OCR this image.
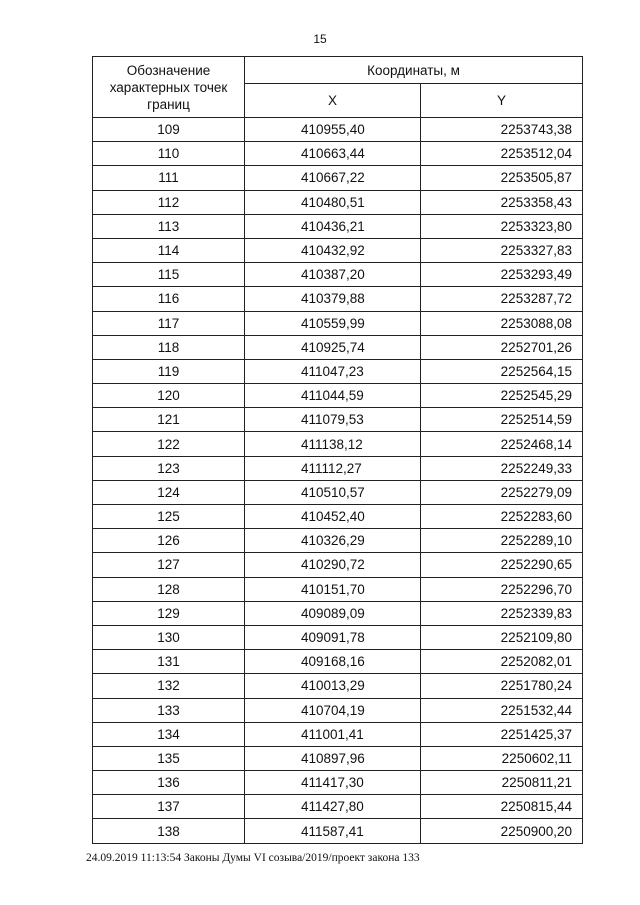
15
Обозначение характерных точек границ	Координаты, м	
	X	Y
109	410955,40	2253743,38
110	410663,44	2253512,04
111	410667,22	2253505,87
112	410480,51	2253358,43
113	410436,21	2253323,80
114	410432,92	2253327,83
115	410387,20	2253293,49
116	410379,88	2253287,72
117	410559,99	2253088,08
118	410925,74	2252701,26
119	411047,23	2252564,15
120	411044,59	2252545,29
121	411079,53	2252514,59
122	411138,12	2252468,14
123	411112,27	2252249,33
124	410510,57	2252279,09
125	410452,40	2252283,60
126	410326,29	2252289,10
127	410290,72	2252290,65
128	410151,70	2252296,70
129	409089,09	2252339,83
130	409091,78	2252109,80
131	409168,16	2252082,01
132	410013,29	2251780,24
133	410704,19	2251532,44
134	411001,41	2251425,37
135	410897,96	2250602,11
136	411417,30	2250811,21
137	411427,80	2250815,44
138	411587,41	2250900,20
24.09.2019 11:13:54 Законы Думы VI созыва/2019/проект закона 133
